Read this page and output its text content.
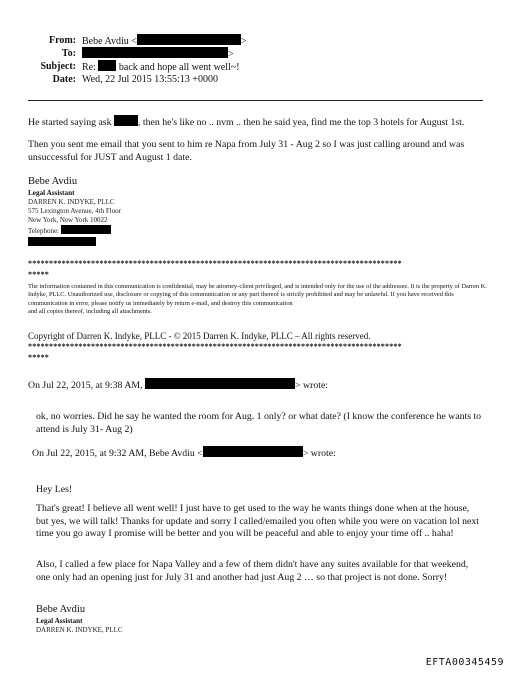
From: Bebe Avdiu <	>
To:	>
Subject: Re: back and hope all went well~!
Date: Wed, 22 Jul 2015 13:55:13 +0000
He started saying ask	, then he's like no .. nvm .. then he said yea, find me the top 3 hotels for August 1st.
Then you sent me email that you sent to him re Napa from July 31 - Aug 2 so I was just calling around and was unsuccessful for JUST and August 1 date.
Bebe Avdiu
Legal Assistant
DARREN K. INDYKE, PLLC
575 Lexington Avenue, 4th Floor
New York, New York 10022
Telephone:
*****************************************************************************************
*****
The information contained in this communication is confidential, may be attorney-client privileged, and is intended only for the use of the addressee. It is the property of Darren K. Indyke, PLLC. Unauthorized use, disclosure or copying of this communication or any part thereof is strictly prohibited and may be unlawful. If you have received this communication in error, please notify us immediately by return e-mail, and destroy this communication
and all copies thereof, including all attachments.
Copyright of Darren K. Indyke, PLLC - © 2015 Darren K. Indyke, PLLC – All rights reserved.
*****************************************************************************************
*****
On Jul 22, 2015, at 9:38 AM,	> wrote:
ok, no worries. Did he say he wanted the room for Aug. 1 only? or what date? (I know the conference he wants to attend is July 31- Aug 2)
On Jul 22, 2015, at 9:32 AM, Bebe Avdiu <	> wrote:
Hey Les!
That's great! I believe all went well! I just have to get used to the way he wants things done when at the house, but yes, we will talk! Thanks for update and sorry I called/emailed you often while you were on vacation lol next time you go away I promise will be better and you will be peaceful and able to enjoy your time off .. haha!
Also, I called a few place for Napa Valley and a few of them didn't have any suites available for that weekend, one only had an opening just for July 31 and another had just Aug 2 … so that project is not done. Sorry!
Bebe Avdiu
Legal Assistant
DARREN K. INDYKE, PLLC
EFTA00345459
